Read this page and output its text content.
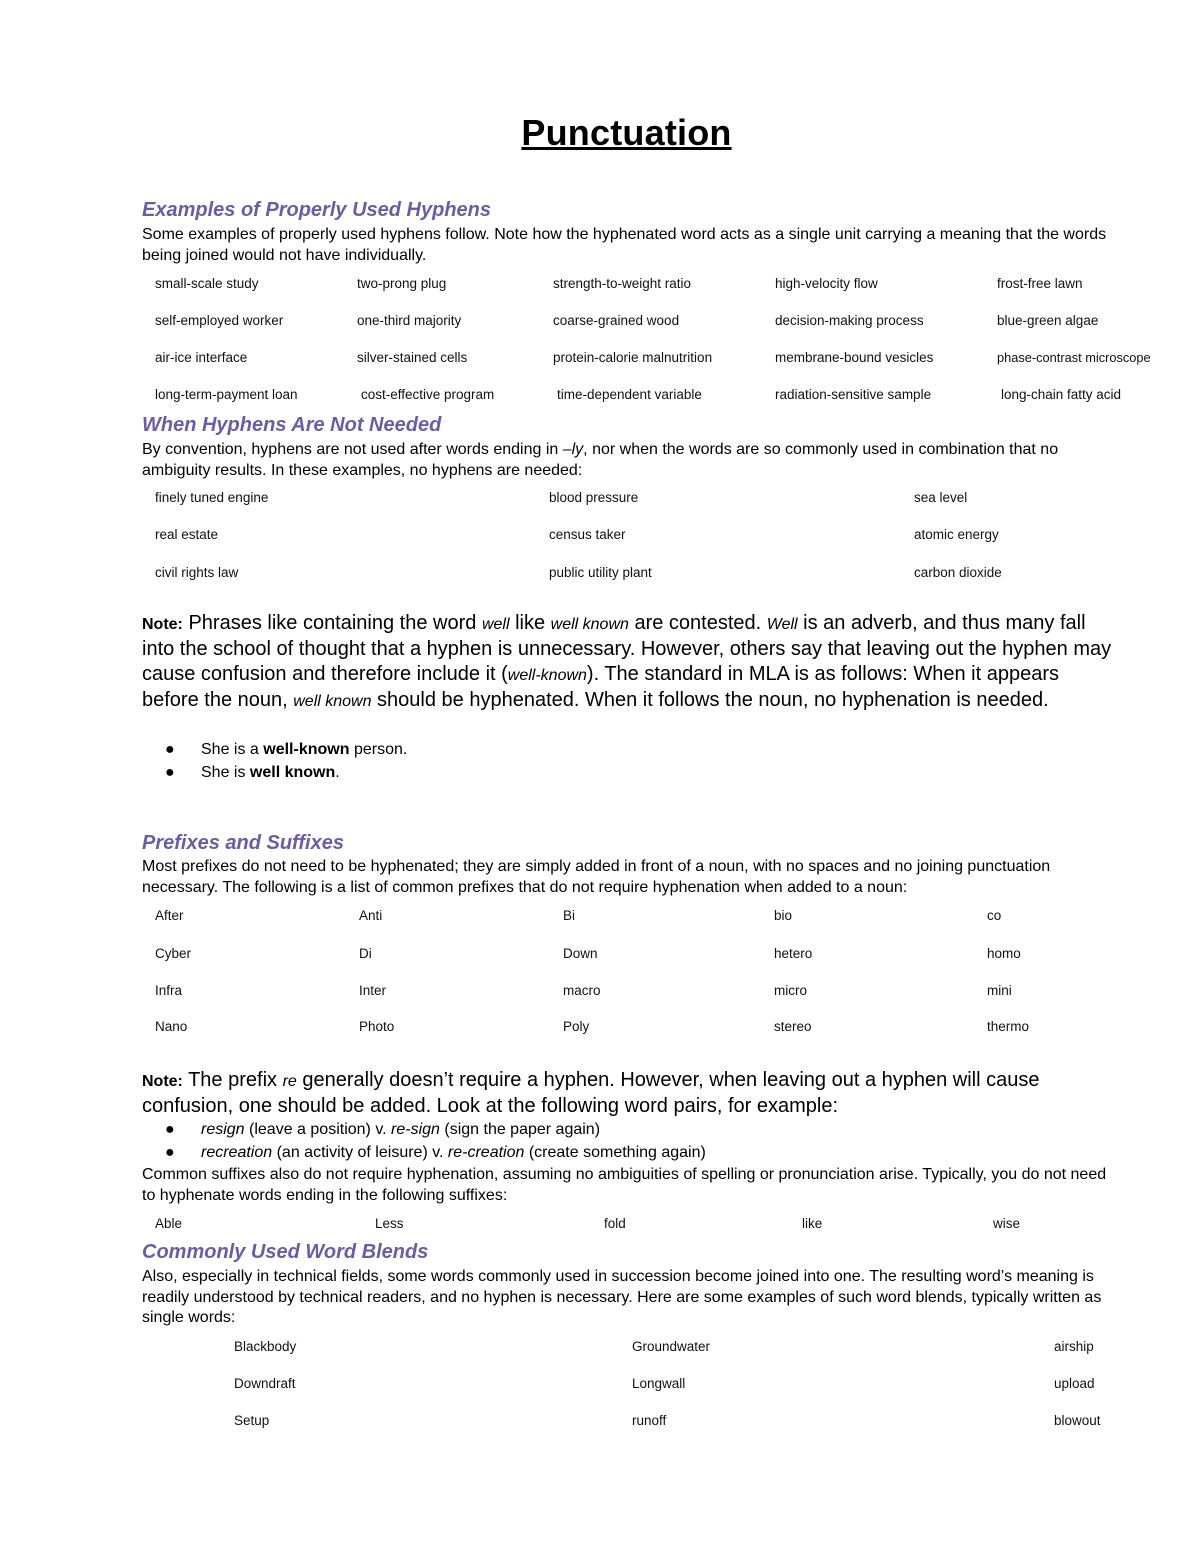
Punctuation
Examples of Properly Used Hyphens

Some examples of properly used hyphens follow. Note how the hyphenated word acts as a single unit carrying a meaning that the words being joined would not have individually.

small-scale study	two-prong plug	strength-to-weight ratio	high-velocity flow	frost-free lawn
self-employed worker	one-third majority	coarse-grained wood	decision-making process	blue-green algae
air-ice interface	silver-stained cells	protein-calorie malnutrition	membrane-bound vesicles	phase-contrast microscope
long-term-payment loan	cost-effective program	time-dependent variable	radiation-sensitive sample	long-chain fatty acid
When Hyphens Are Not Needed

By convention, hyphens are not used after words ending in –ly, nor when the words are so commonly used in combination that no ambiguity results. In these examples, no hyphens are needed:

finely tuned engine	blood pressure	sea level
real estate	census taker	atomic energy
civil rights law	public utility plant	carbon dioxide

Note: Phrases like containing the word well like well known are contested. Well is an adverb, and thus many fall into the school of thought that a hyphen is unnecessary. However, others say that leaving out the hyphen may cause confusion and therefore include it (well-known). The standard in MLA is as follows: When it appears before the noun, well known should be hyphenated. When it follows the noun, no hyphenation is needed.

● She is a well-known person.
● She is well known.
Prefixes and Suffixes

Most prefixes do not need to be hyphenated; they are simply added in front of a noun, with no spaces and no joining punctuation necessary. The following is a list of common prefixes that do not require hyphenation when added to a noun:

After	Anti	Bi	bio	co
Cyber	Di	Down	hetero	homo
Infra	Inter	macro	micro	mini
Nano	Photo	Poly	stereo	thermo

Note: The prefix re generally doesn’t require a hyphen. However, when leaving out a hyphen will cause confusion, one should be added. Look at the following word pairs, for example:

● resign (leave a position) v. re-sign (sign the paper again)
● recreation (an activity of leisure) v. re-creation (create something again)

Common suffixes also do not require hyphenation, assuming no ambiguities of spelling or pronunciation arise. Typically, you do not need to hyphenate words ending in the following suffixes:

Able	Less	fold	like	wise
Commonly Used Word Blends

Also, especially in technical fields, some words commonly used in succession become joined into one. The resulting word’s meaning is readily understood by technical readers, and no hyphen is necessary. Here are some examples of such word blends, typically written as single words:

Blackbody	Groundwater	airship
Downdraft	Longwall	upload
Setup	runoff	blowout
